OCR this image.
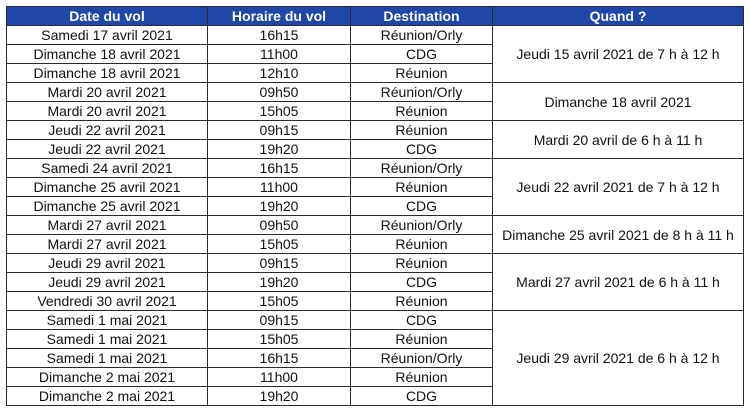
Date du vol	Horaire du vol	Destination	Quand ?
Samedi 17 avril 2021	16h15	Réunion/Orly	Jeudi 15 avril 2021 de 7 h à 12 h
Dimanche 18 avril 2021	11h00	CDG	
Dimanche 18 avril 2021	12h10	Réunion	
Mardi 20 avril 2021	09h50	Réunion/Orly	Dimanche 18 avril 2021
Mardi 20 avril 2021	15h05	Réunion	
Jeudi 22 avril 2021	09h15	Réunion	Mardi 20 avril de 6 h à 11 h
Jeudi 22 avril 2021	19h20	CDG	
Samedi 24 avril 2021	16h15	Réunion/Orly	Jeudi 22 avril 2021 de 7 h à 12 h
Dimanche 25 avril 2021	11h00	Réunion	
Dimanche 25 avril 2021	19h20	CDG	
Mardi 27 avril 2021	09h50	Réunion/Orly	Dimanche 25 avril 2021 de 8 h à 11 h
Mardi 27 avril 2021	15h05	Réunion	
Jeudi 29 avril 2021	09h15	Réunion	Mardi 27 avril 2021 de 6 h à 11 h
Jeudi 29 avril 2021	19h20	CDG	
Vendredi 30 avril 2021	15h05	Réunion	
Samedi 1 mai 2021	09h15	CDG	Jeudi 29 avril 2021 de 6 h à 12 h
Samedi 1 mai 2021	15h05	Réunion	
Samedi 1 mai 2021	16h15	Réunion/Orly	
Dimanche 2 mai 2021	11h00	Réunion	
Dimanche 2 mai 2021	19h20	CDG	
